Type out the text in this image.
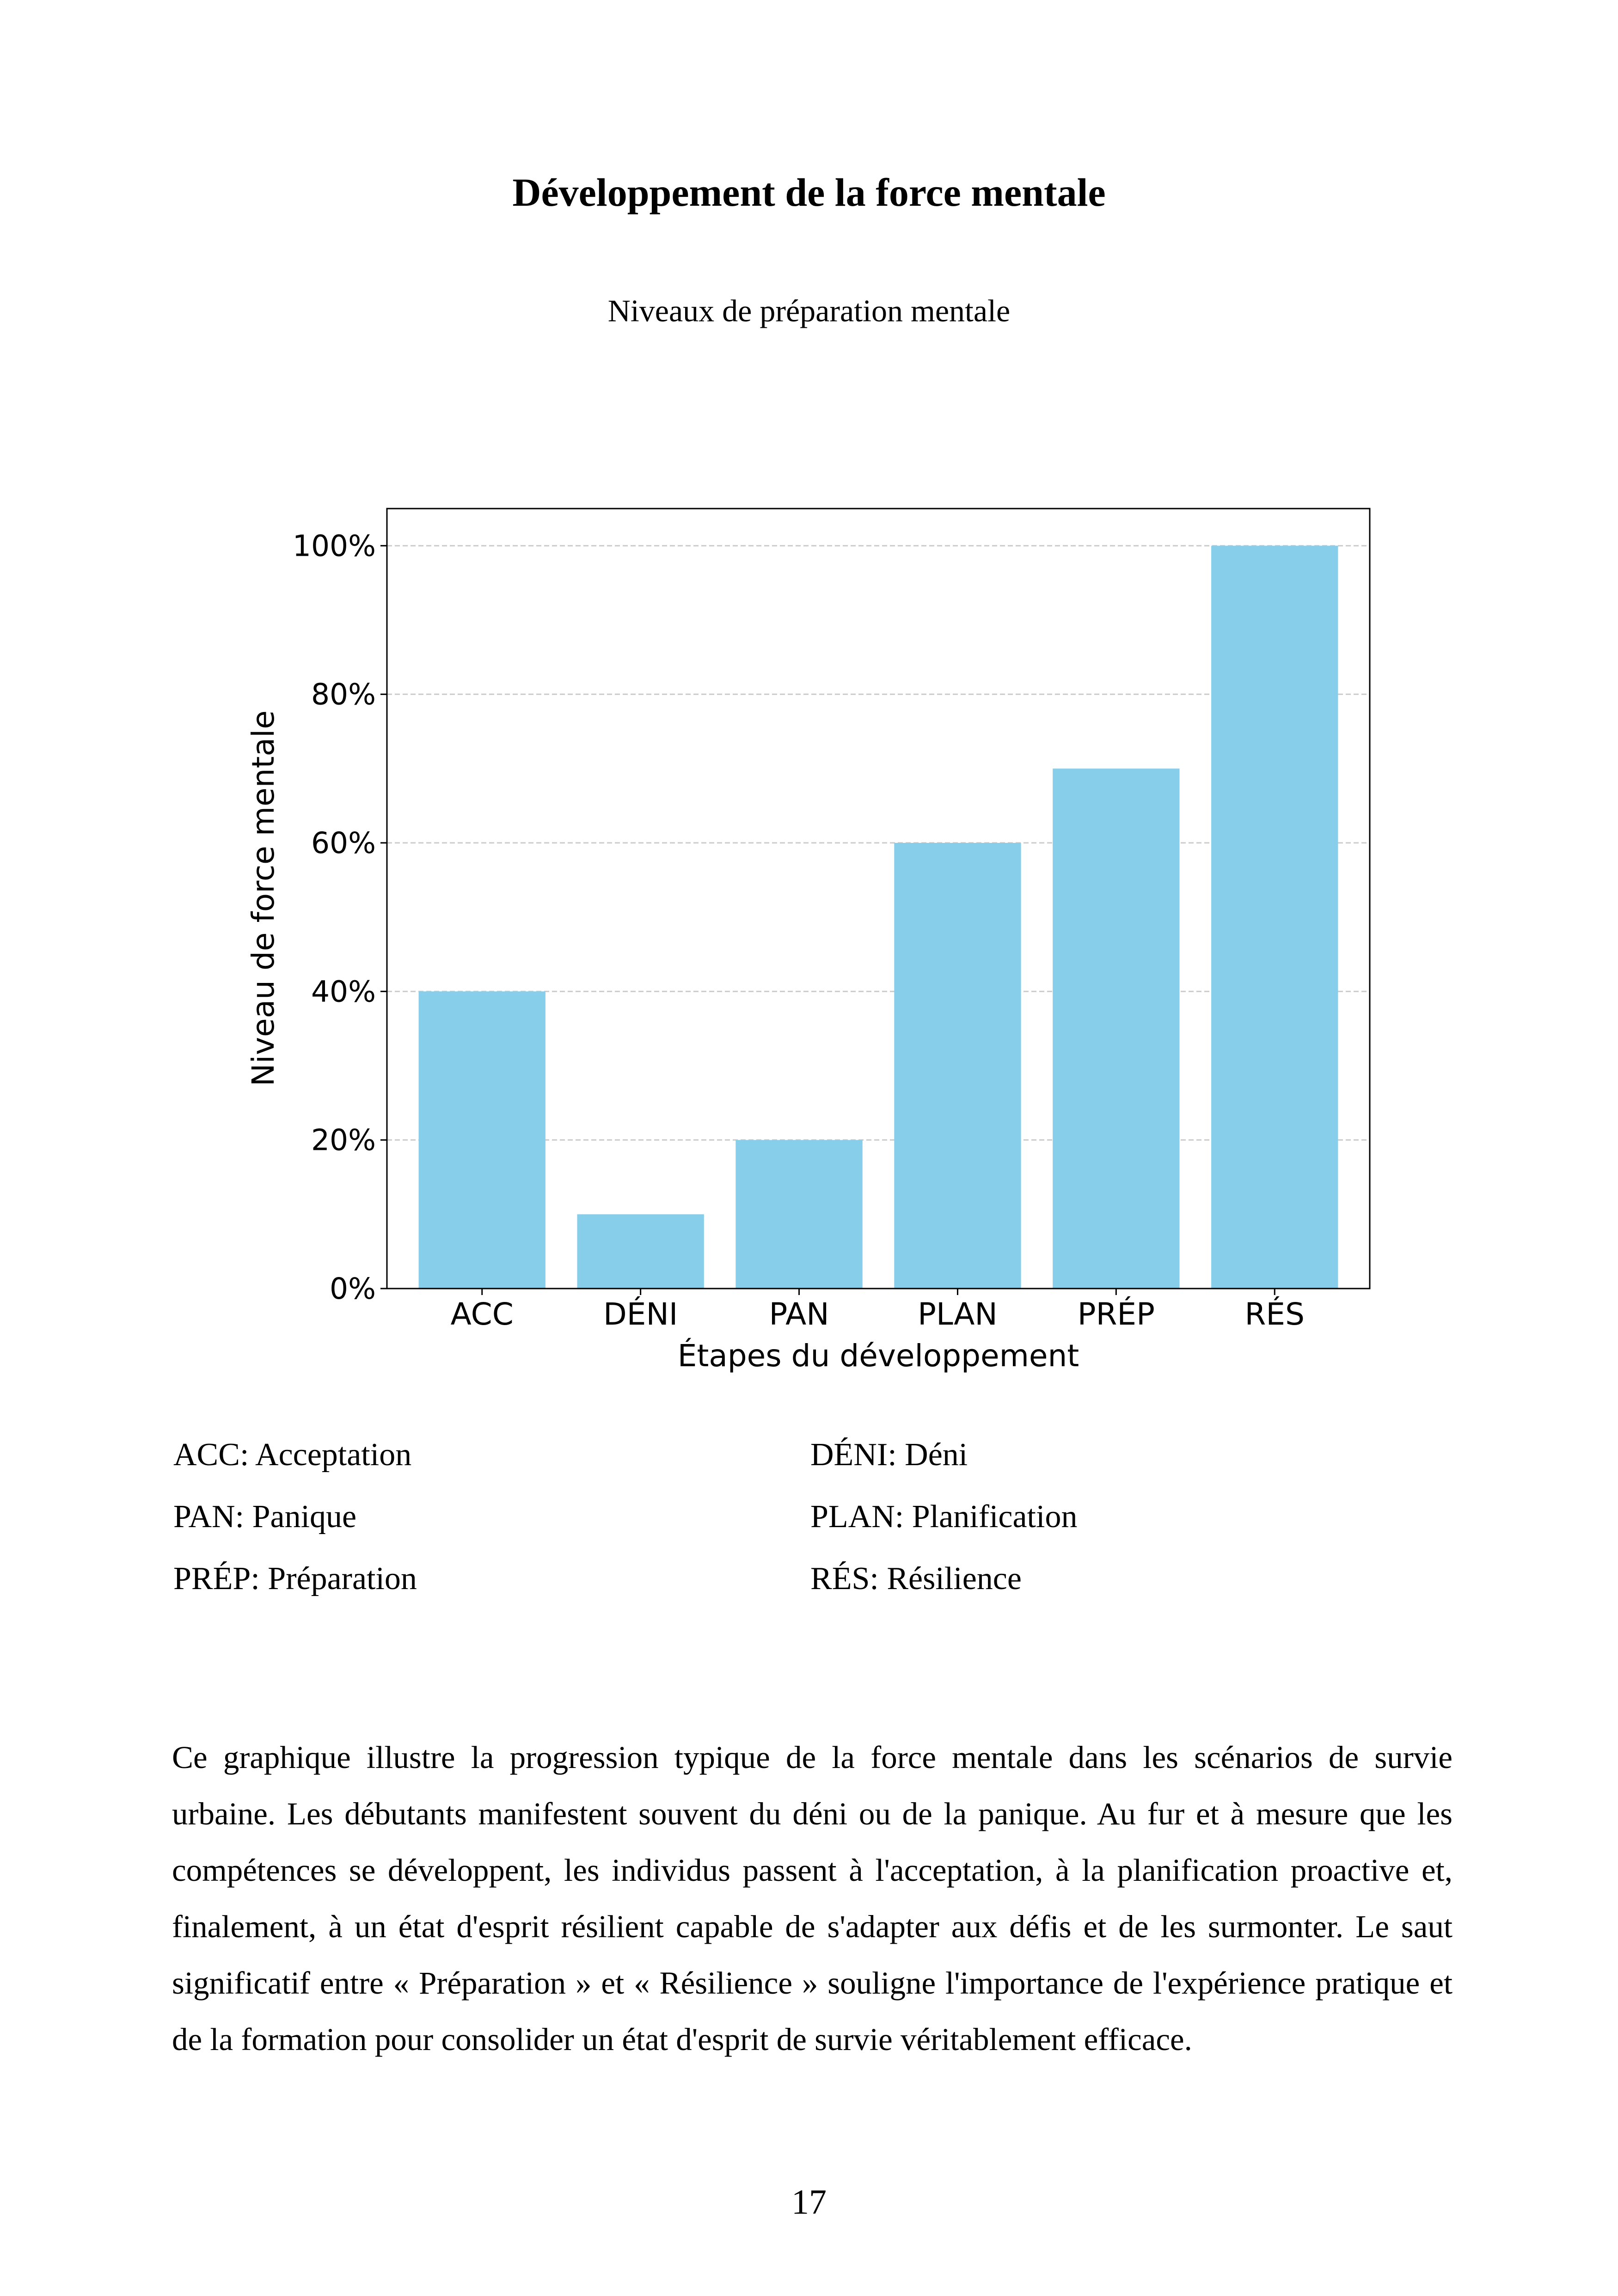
Développement de la force mentale
Niveaux de préparation mentale
0%
20%
40%
60%
80%
100%
ACC	DÉNI	PAN	PLAN	PRÉP	RÉS
Étapes du développement
Niveau de force mentale
ACC : Acceptation	DÉNI : Déni
PAN : Panique	PLAN : Planification
PRÉP : Préparation	RÉS : Résilience

Ce graphique illustre la progression typique de la force mentale dans les scénarios de survie urbaine. Les débutants manifestent souvent du déni ou de la panique. Au fur et à mesure que les compétences se développent, les individus passent à l'acceptation, à la planification proactive et, finalement, à un état d'esprit résilient capable de s'adapter aux défis et de les surmonter. Le saut significatif entre « Préparation » et « Résilience » souligne l'importance de l'expérience pratique et de la formation pour consolider un état d'esprit de survie véritablement efficace.

17
